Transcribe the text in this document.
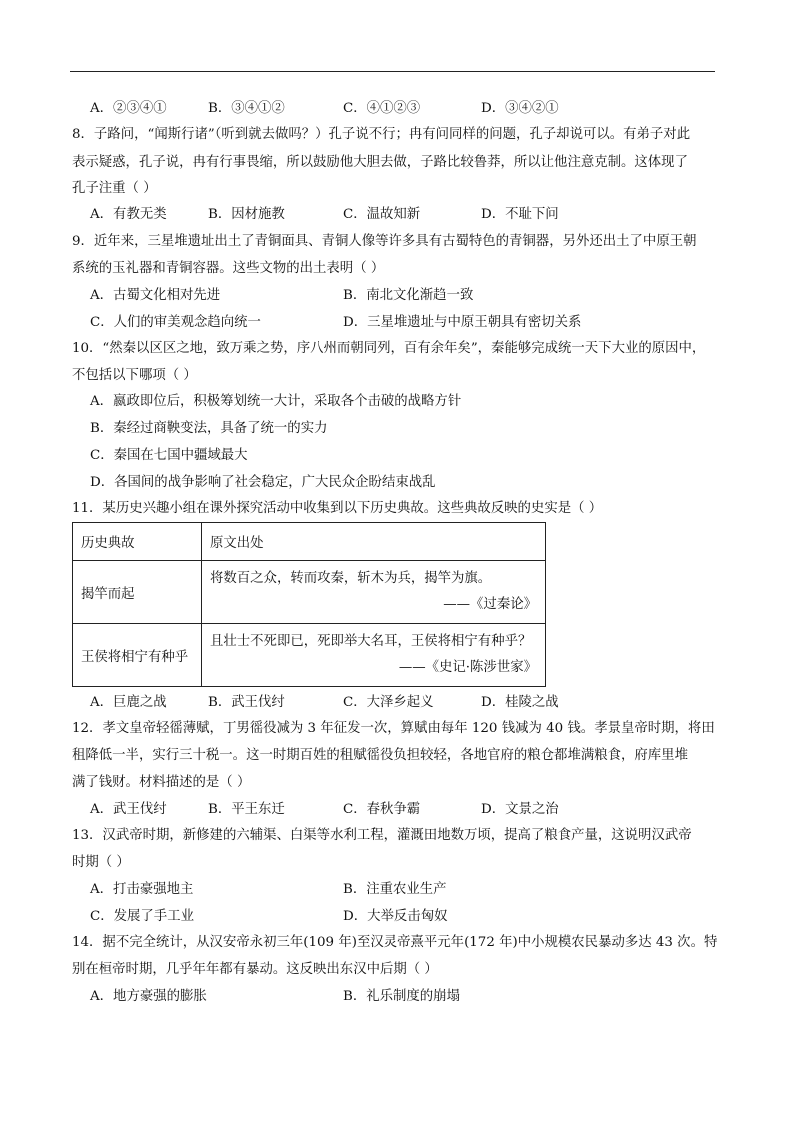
A．②③④①	B．③④①②	C．④①②③	D．③④②①
8．子路问，“闻斯行诸”（听到就去做吗？）孔子说不行；冉有问同样的问题，孔子却说可以。有弟子对此
表示疑惑，孔子说，冉有行事畏缩，所以鼓励他大胆去做，子路比较鲁莽，所以让他注意克制。这体现了
孔子注重（ ）
A．有教无类	B．因材施教	C．温故知新	D．不耻下问
9．近年来，三星堆遗址出土了青铜面具、青铜人像等许多具有古蜀特色的青铜器，另外还出土了中原王朝
系统的玉礼器和青铜容器。这些文物的出土表明（ ）
A．古蜀文化相对先进	B．南北文化渐趋一致
C．人们的审美观念趋向统一	D．三星堆遗址与中原王朝具有密切关系
10．“然秦以区区之地，致万乘之势，序八州而朝同列，百有余年矣”，秦能够完成统一天下大业的原因中，
不包括以下哪项（ ）
A．嬴政即位后，积极筹划统一大计，采取各个击破的战略方针
B．秦经过商鞅变法，具备了统一的实力
C．秦国在七国中疆域最大
D．各国间的战争影响了社会稳定，广大民众企盼结束战乱
11．某历史兴趣小组在课外探究活动中收集到以下历史典故。这些典故反映的史实是（ ）
历史典故	原文出处
揭竿而起	将数百之众，转而攻秦，斩木为兵，揭竿为旗。
——《过秦论》

王侯将相宁有种乎	且壮士不死即已，死即举大名耳，王侯将相宁有种乎？
——《史记·陈涉世家》
A．巨鹿之战	B．武王伐纣	C．大泽乡起义	D．桂陵之战
12．孝文皇帝轻徭薄赋，丁男徭役减为 3 年征发一次，算赋由每年 120 钱减为 40 钱。孝景皇帝时期，将田
租降低一半，实行三十税一。这一时期百姓的租赋徭役负担较轻，各地官府的粮仓都堆满粮食，府库里堆
满了钱财。材料描述的是（ ）
A．武王伐纣	B．平王东迁	C．春秋争霸	D．文景之治
13．汉武帝时期，新修建的六辅渠、白渠等水利工程，灌溉田地数万顷，提高了粮食产量，这说明汉武帝
时期（ ）
A．打击豪强地主	B．注重农业生产
C．发展了手工业	D．大举反击匈奴
14．据不完全统计，从汉安帝永初三年(109 年)至汉灵帝熹平元年(172 年)中小规模农民暴动多达 43 次。特
别在桓帝时期，几乎年年都有暴动。这反映出东汉中后期（ ）
A．地方豪强的膨胀	B．礼乐制度的崩塌
